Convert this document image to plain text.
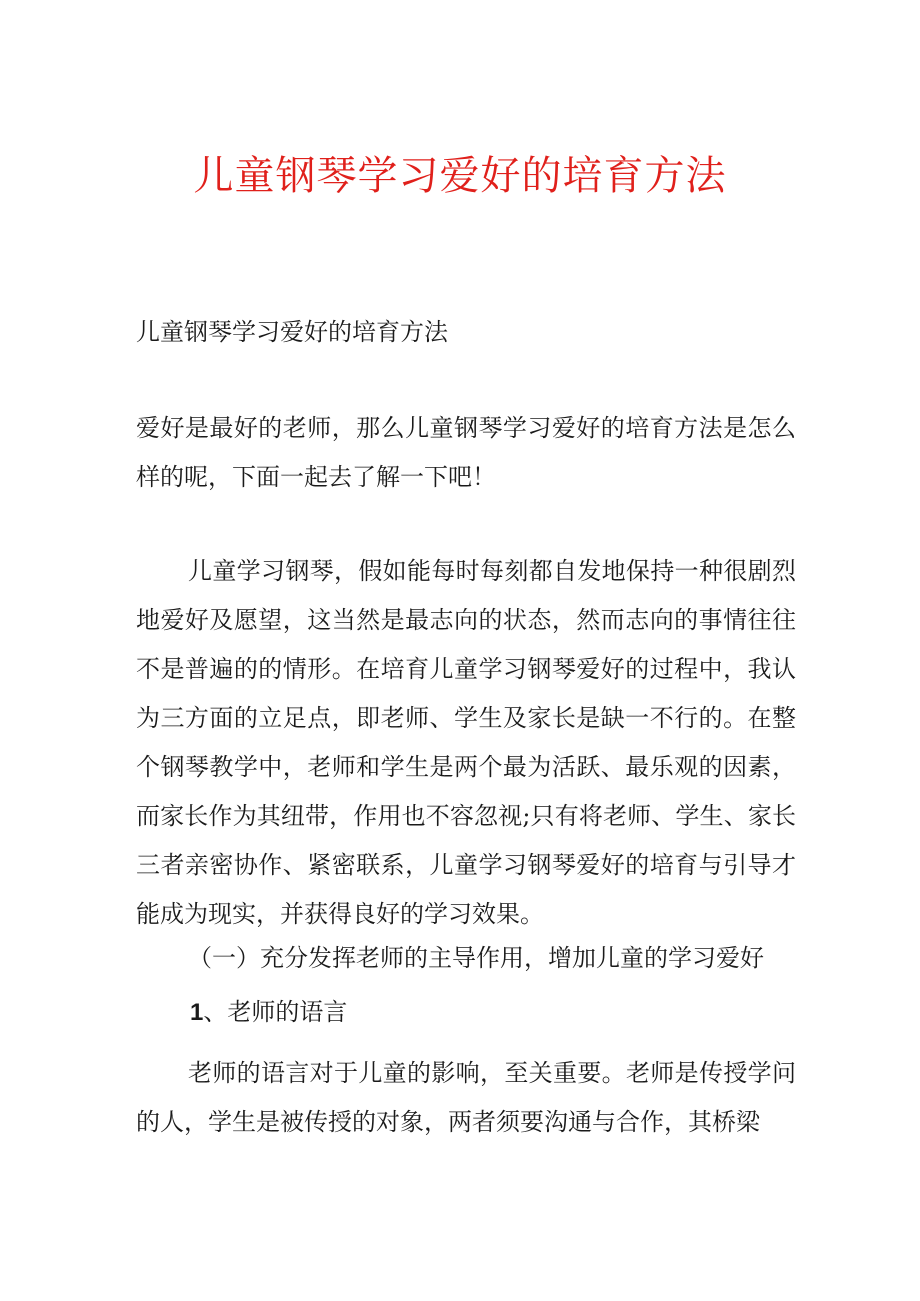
儿童钢琴学习爱好的培育方法

儿童钢琴学习爱好的培育方法

爱好是最好的老师，那么儿童钢琴学习爱好的培育方法是怎么样的呢，下面一起去了解一下吧！

儿童学习钢琴，假如能每时每刻都自发地保持一种很剧烈地爱好及愿望，这当然是最志向的状态，然而志向的事情往往不是普遍的的情形。在培育儿童学习钢琴爱好的过程中，我认为三方面的立足点，即老师、学生及家长是缺一不行的。在整个钢琴教学中，老师和学生是两个最为活跃、最乐观的因素，而家长作为其纽带，作用也不容忽视;只有将老师、学生、家长三者亲密协作、紧密联系，儿童学习钢琴爱好的培育与引导才能成为现实，并获得良好的学习效果。

（一）充分发挥老师的主导作用，增加儿童的学习爱好

1、老师的语言

老师的语言对于儿童的影响，至关重要。老师是传授学问的人，学生是被传授的对象，两者须要沟通与合作，其桥梁
